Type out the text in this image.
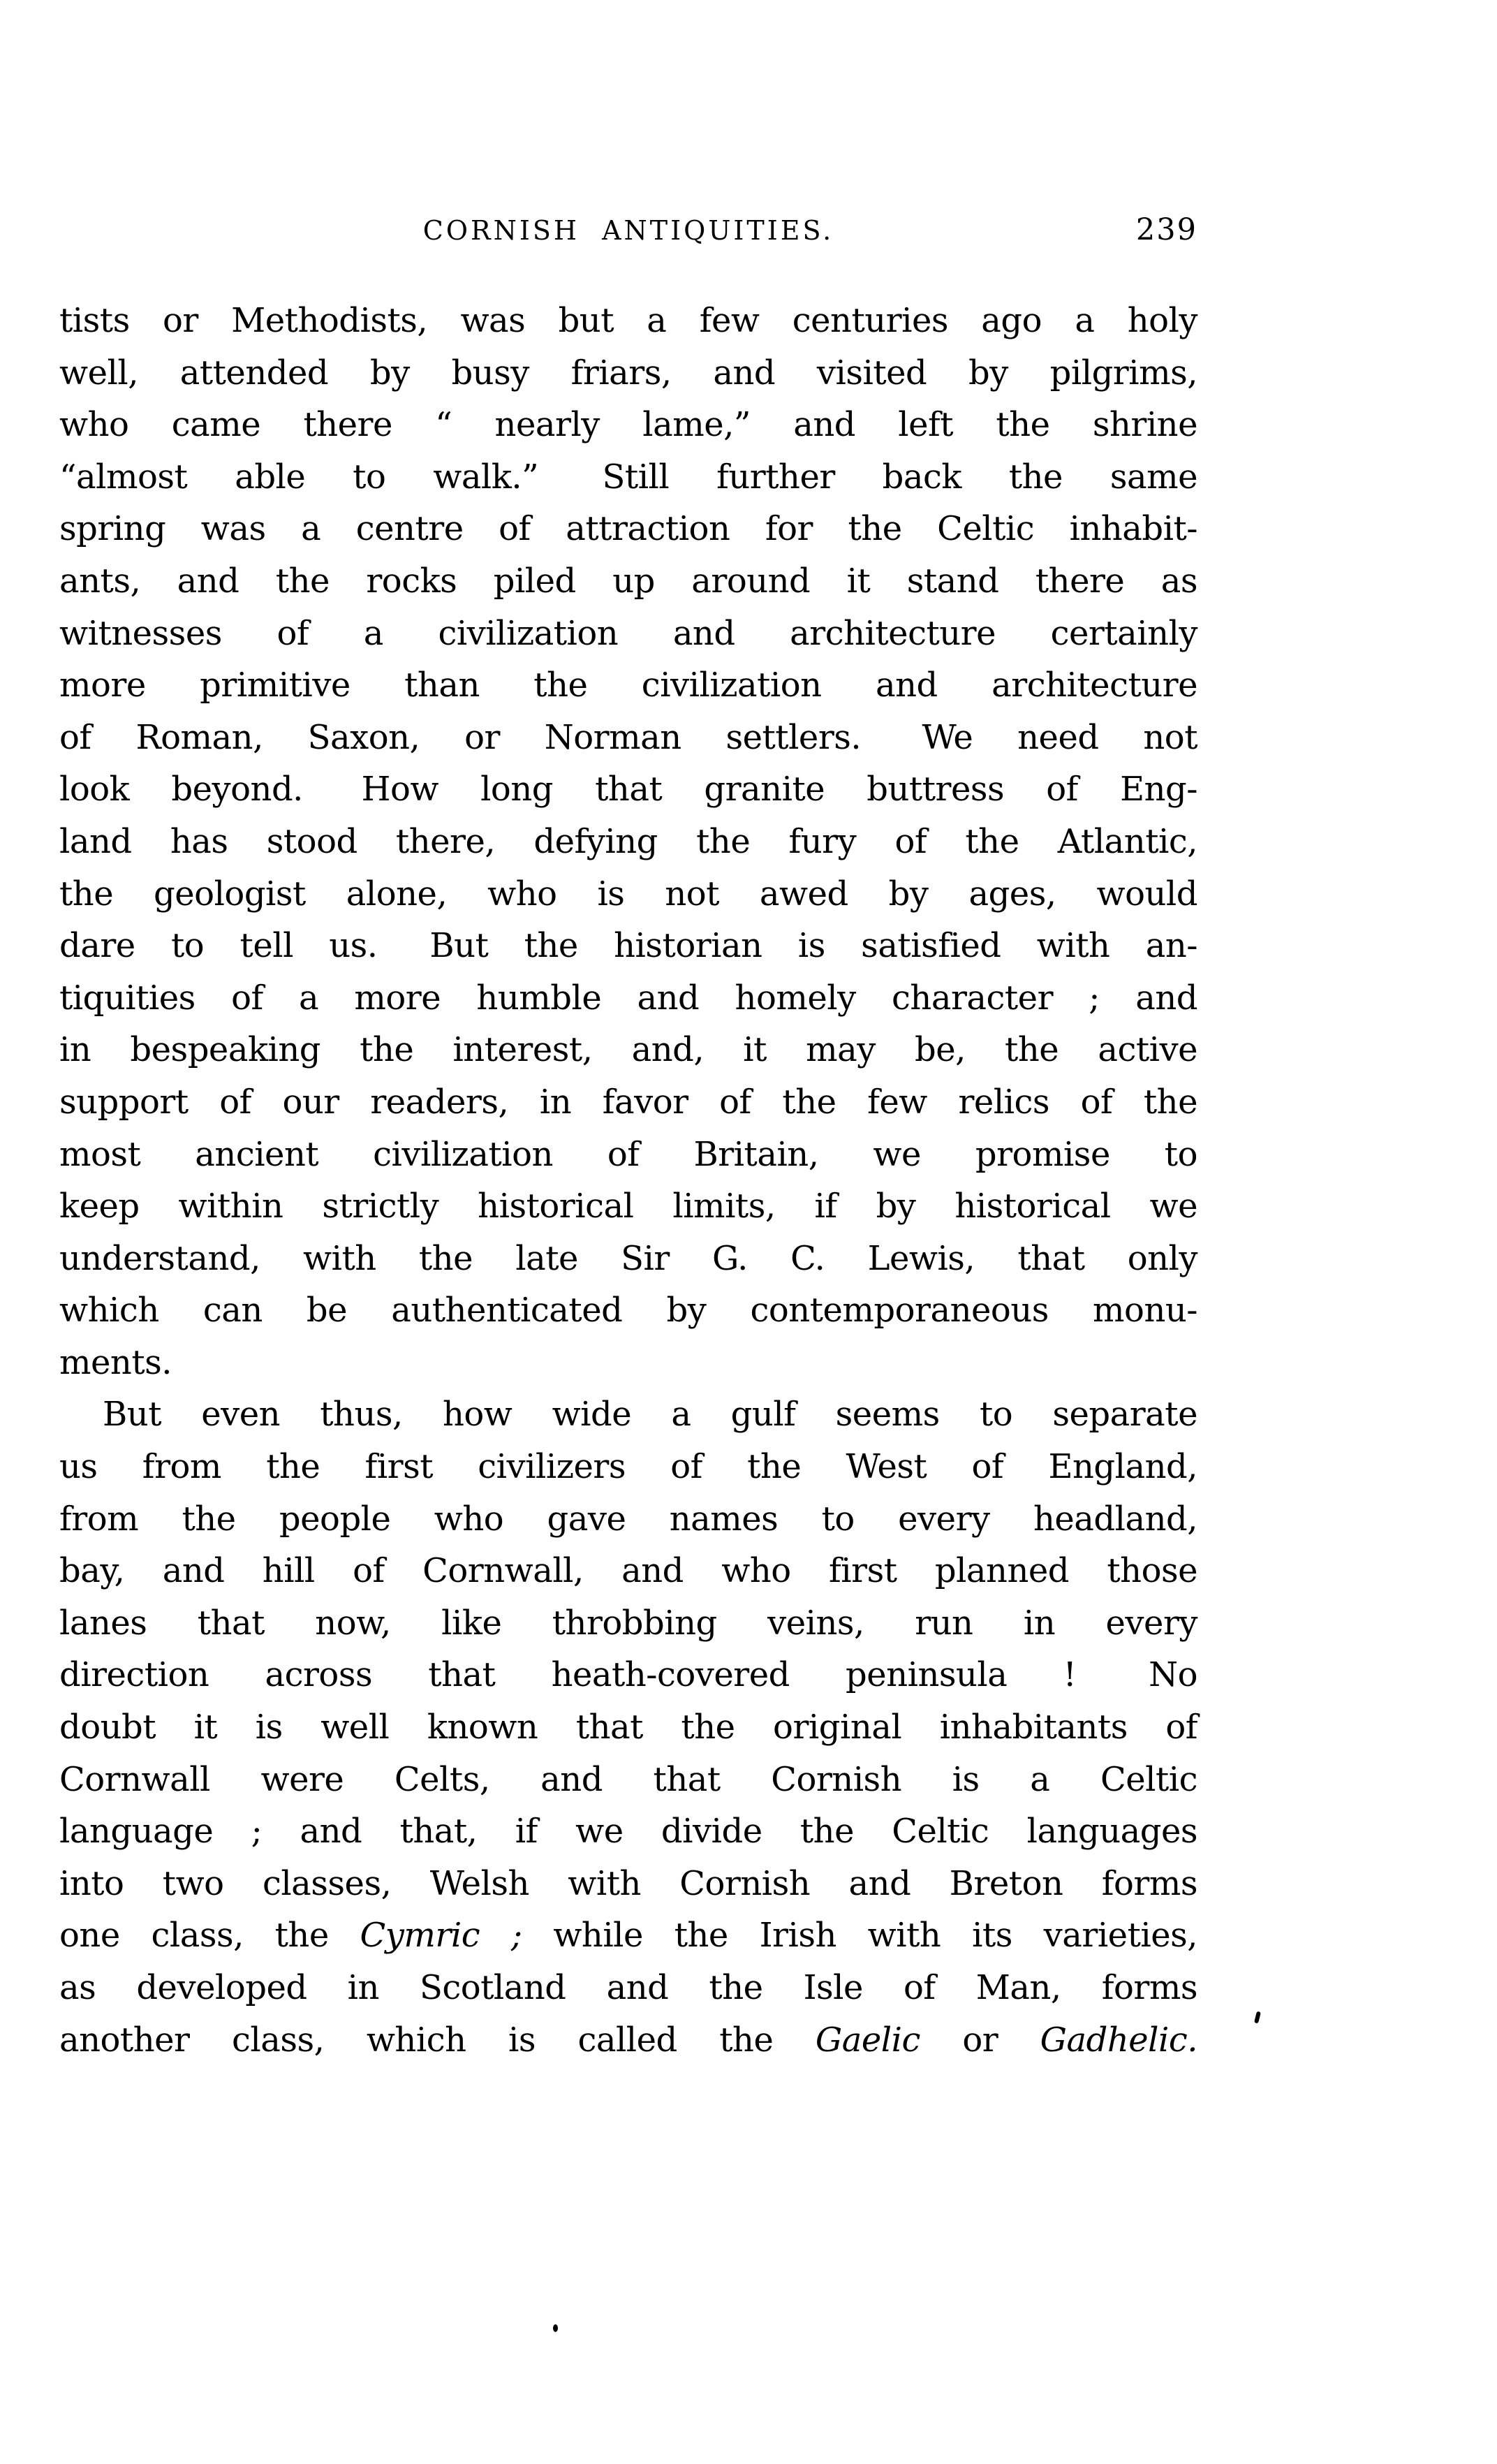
CORNISH ANTIQUITIES.	239
tists or Methodists, was but a few centuries ago a holy
well, attended by busy friars, and visited by pilgrims,
who came there “ nearly lame,” and left the shrine
“almost able to walk.”  Still further back the same
spring was a centre of attraction for the Celtic inhabit-
ants, and the rocks piled up around it stand there as
witnesses of a civilization and architecture certainly
more primitive than the civilization and architecture
of Roman, Saxon, or Norman settlers.  We need not
look beyond.  How long that granite buttress of Eng-
land has stood there, defying the fury of the Atlantic,
the geologist alone, who is not awed by ages, would
dare to tell us.  But the historian is satisfied with an-
tiquities of a more humble and homely character ; and
in bespeaking the interest, and, it may be, the active
support of our readers, in favor of the few relics of the
most ancient civilization of Britain, we promise to
keep within strictly historical limits, if by historical we
understand, with the late Sir G. C. Lewis, that only
which can be authenticated by contemporaneous monu-
ments.
But even thus, how wide a gulf seems to separate
us from the first civilizers of the West of England,
from the people who gave names to every headland,
bay, and hill of Cornwall, and who first planned those
lanes that now, like throbbing veins, run in every
direction across that heath-covered peninsula !  No
doubt it is well known that the original inhabitants of
Cornwall were Celts, and that Cornish is a Celtic
language ; and that, if we divide the Celtic languages
into two classes, Welsh with Cornish and Breton forms
one class, the Cymric ; while the Irish with its varieties,
as developed in Scotland and the Isle of Man, forms
another class, which is called the Gaelic or Gadhelic.
